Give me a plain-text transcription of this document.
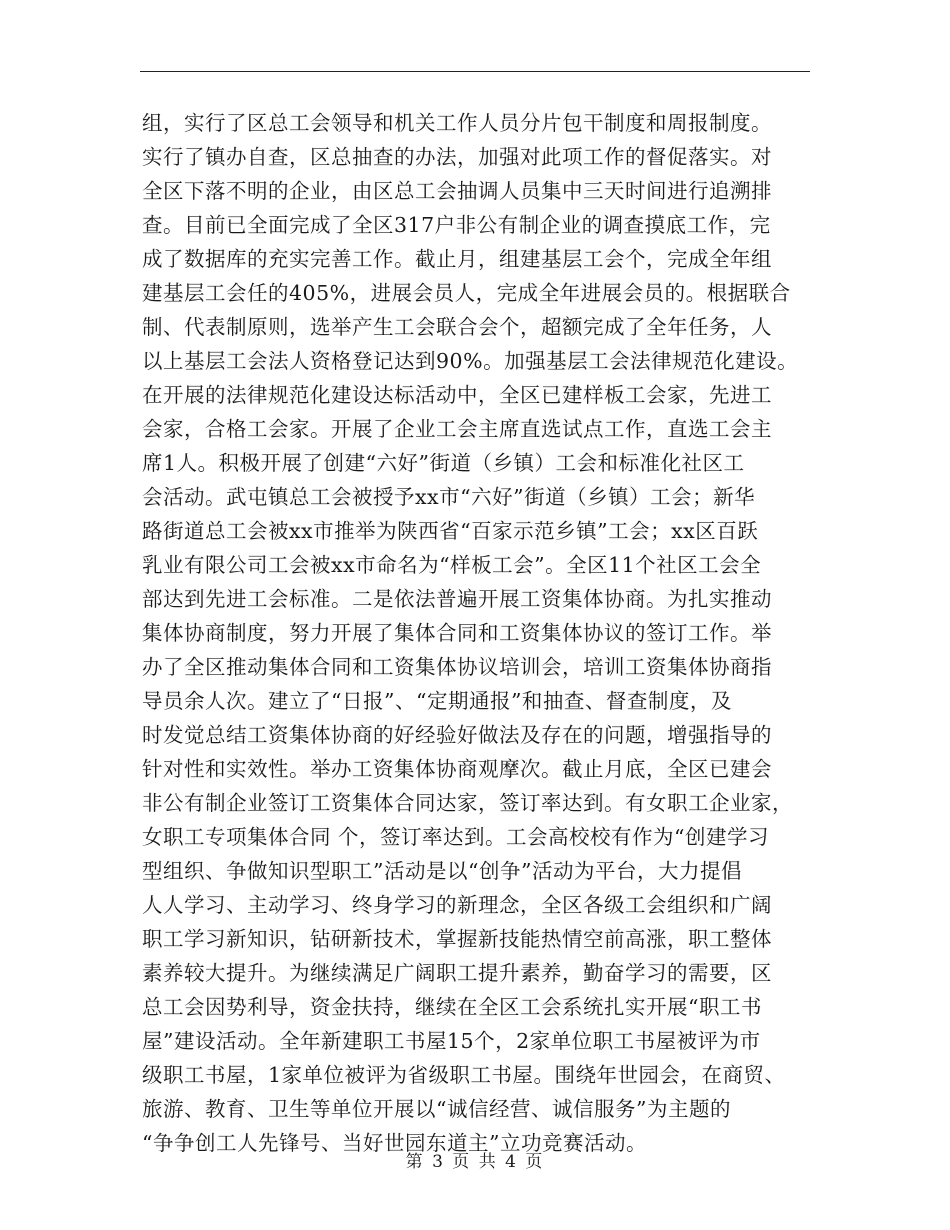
组，实行了区总工会领导和机关工作人员分片包干制度和周报制度。
实行了镇办自查，区总抽查的办法，加强对此项工作的督促落实。对
全区下落不明的企业，由区总工会抽调人员集中三天时间进行追溯排
查。目前已全面完成了全区317户非公有制企业的调查摸底工作，完
成了数据库的充实完善工作。截止月，组建基层工会个，完成全年组
建基层工会任的405%，进展会员人，完成全年进展会员的。根据联合
制、代表制原则，选举产生工会联合会个，超额完成了全年任务，人
以上基层工会法人资格登记达到90%。加强基层工会法律规范化建设。
在开展的法律规范化建设达标活动中，全区已建样板工会家，先进工
会家，合格工会家。开展了企业工会主席直选试点工作，直选工会主
席1人。积极开展了创建“六好”街道（乡镇）工会和标准化社区工
会活动。武屯镇总工会被授予xx市“六好”街道（乡镇）工会；新华
路街道总工会被xx市推举为陕西省“百家示范乡镇”工会；xx区百跃
乳业有限公司工会被xx市命名为“样板工会”。全区11个社区工会全
部达到先进工会标准。二是依法普遍开展工资集体协商。为扎实推动
集体协商制度，努力开展了集体合同和工资集体协议的签订工作。举
办了全区推动集体合同和工资集体协议培训会，培训工资集体协商指
导员余人次。建立了“日报”、“定期通报”和抽查、督查制度，及
时发觉总结工资集体协商的好经验好做法及存在的问题，增强指导的
针对性和实效性。举办工资集体协商观摩次。截止月底，全区已建会
非公有制企业签订工资集体合同达家，签订率达到。有女职工企业家，
女职工专项集体合同 个，签订率达到。工会高校校有作为“创建学习
型组织、争做知识型职工”活动是以“创争”活动为平台，大力提倡
人人学习、主动学习、终身学习的新理念，全区各级工会组织和广阔
职工学习新知识，钻研新技术，掌握新技能热情空前高涨，职工整体
素养较大提升。为继续满足广阔职工提升素养，勤奋学习的需要，区
总工会因势利导，资金扶持，继续在全区工会系统扎实开展“职工书
屋”建设活动。全年新建职工书屋15个，2家单位职工书屋被评为市
级职工书屋，1家单位被评为省级职工书屋。围绕年世园会，在商贸、
旅游、教育、卫生等单位开展以“诚信经营、诚信服务”为主题的
“争争创工人先锋号、当好世园东道主”立功竞赛活动。
第 3 页 共 4 页
